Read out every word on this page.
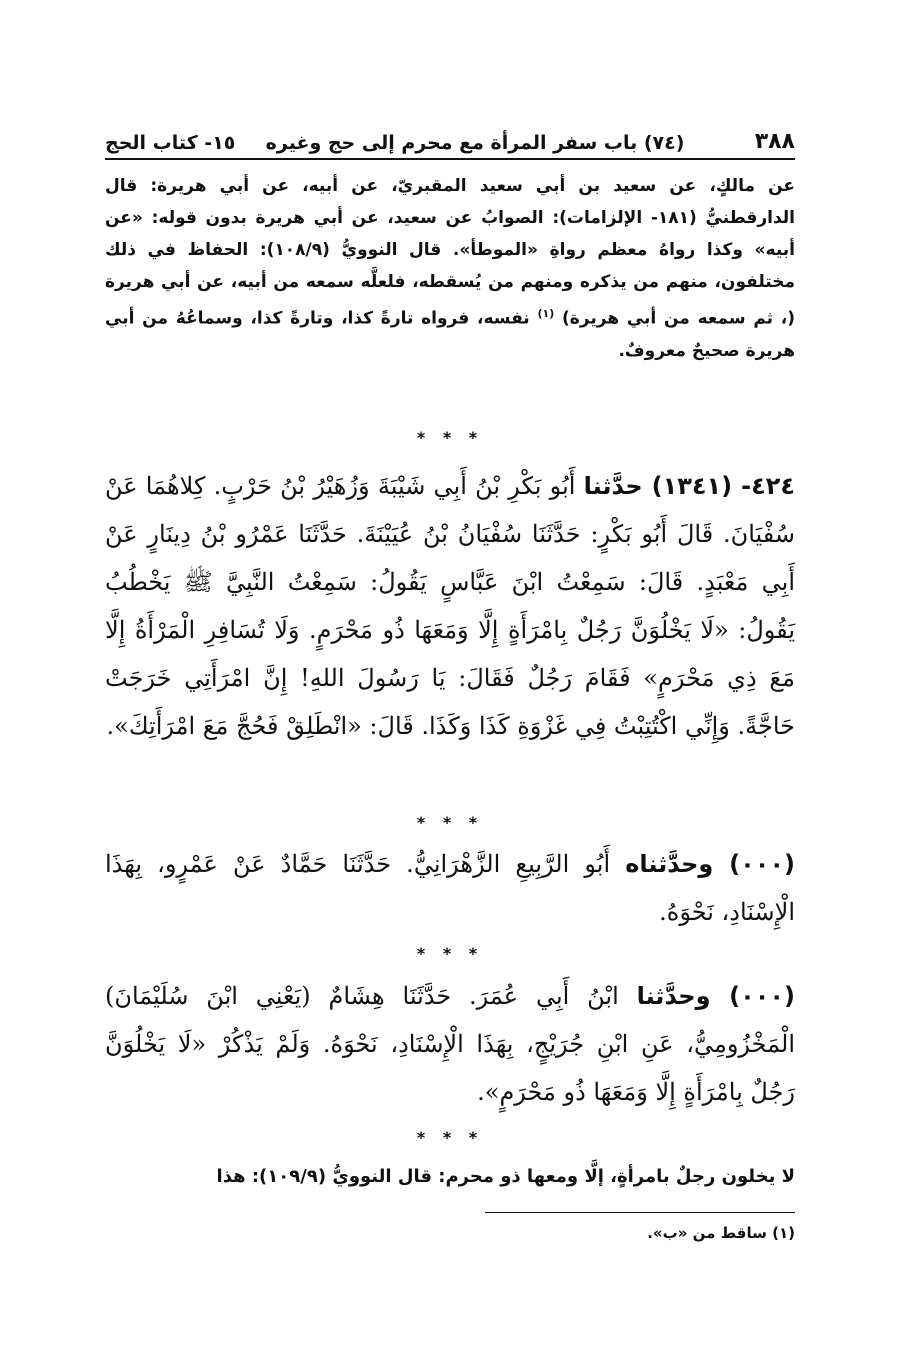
٣٨٨
(٧٤) باب سفر المرأة مع محرم إلى حج وغيره
١٥- كتاب الحج
عن مالكٍ، عن سعيد بن أبي سعيد المقبريّ، عن أبيه، عن أبي هريرة: قال الدارقطنيُّ (١٨١- الإلزامات): الصوابُ عن سعيد، عن أبي هريرة بدون قوله: «عن أبيه» وكذا رواهُ معظم رواةِ «الموطأ». قال النوويُّ (١٠٨/٩): الحفاظ في ذلك مختلفون، منهم من يذكره ومنهم من يُسقطه، فلعلَّه سمعه من أبيه، عن أبي هريرة (، ثم سمعه من أبي هريرة) $^{(١)}$ نفسه، فرواه تارةً كذا، وتارةً كذا، وسماعُهُ من أبي هريرة صحيحٌ معروفٌ.
* * *
٤٢٤- (١٣٤١) حدَّثنا أَبُو بَكْرِ بْنُ أَبِي شَيْبَةَ وَزُهَيْرُ بْنُ حَرْبٍ. كِلاهُمَا عَنْ سُفْيَانَ. قَالَ أَبُو بَكْرٍ: حَدَّثَنَا سُفْيَانُ بْنُ عُيَيْنَةَ. حَدَّثَنَا عَمْرُو بْنُ دِينَارٍ عَنْ أَبِي مَعْبَدٍ. قَالَ: سَمِعْتُ ابْنَ عَبَّاسٍ يَقُولُ: سَمِعْتُ النَّبِيَّ ﷺ يَخْطُبُ يَقُولُ: «لَا يَخْلُوَنَّ رَجُلٌ بِامْرَأَةٍ إِلَّا وَمَعَهَا ذُو مَحْرَمٍ. وَلَا تُسَافِرِ الْمَرْأَةُ إِلَّا مَعَ ذِي مَحْرَمٍ» فَقَامَ رَجُلٌ فَقَالَ: يَا رَسُولَ اللهِ! إِنَّ امْرَأَتِي خَرَجَتْ حَاجَّةً. وَإِنِّي اكْتُتِبْتُ فِي غَزْوَةِ كَذَا وَكَذَا. قَالَ: «انْطَلِقْ فَحُجَّ مَعَ امْرَأَتِكَ».
* * *
(٠٠٠) وحدَّثناه أَبُو الرَّبِيعِ الزَّهْرَانِيُّ. حَدَّثَنَا حَمَّادٌ عَنْ عَمْرٍو، بِهَذَا الْإِسْنَادِ، نَحْوَهُ.
* * *
(٠٠٠) وحدَّثنا ابْنُ أَبِي عُمَرَ. حَدَّثَنَا هِشَامٌ (يَعْنِي ابْنَ سُلَيْمَانَ) الْمَخْزُومِيُّ، عَنِ ابْنِ جُرَيْجٍ، بِهَذَا الْإِسْنَادِ، نَحْوَهُ. وَلَمْ يَذْكُرْ «لَا يَخْلُوَنَّ رَجُلٌ بِامْرَأَةٍ إِلَّا وَمَعَهَا ذُو مَحْرَمٍ».
* * *
لا يخلون رجلٌ بامرأةٍ، إلَّا ومعها ذو محرم: قال النوويُّ (١٠٩/٩): هذا
(١) ساقط من «ب».
